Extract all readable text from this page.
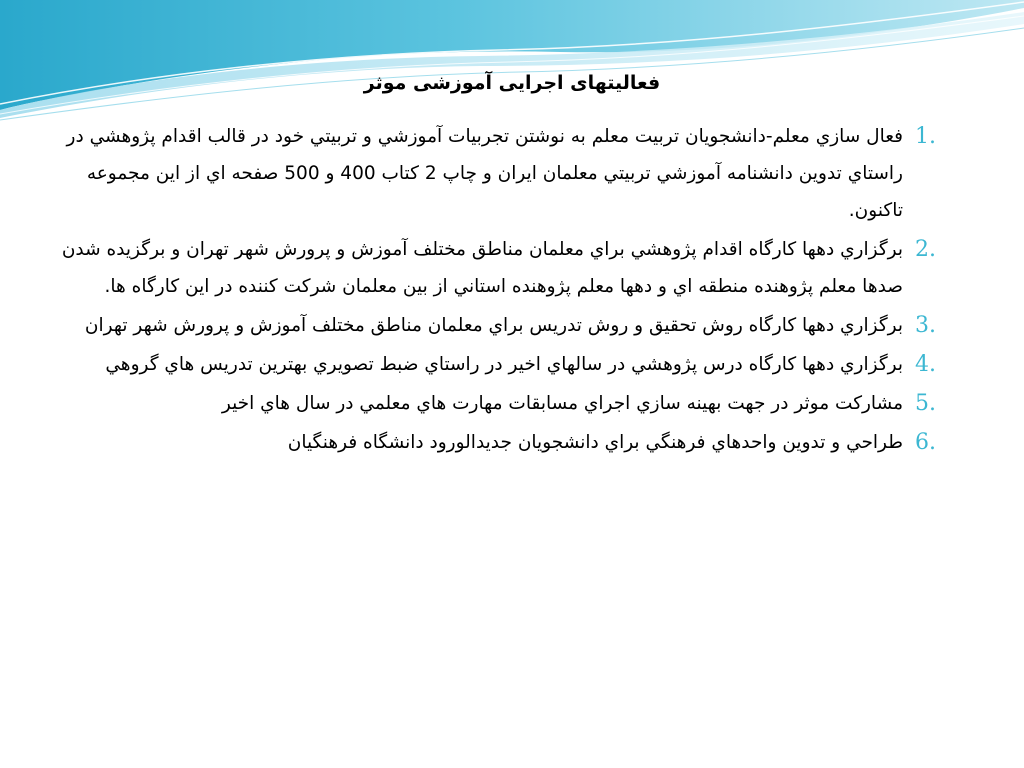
فعالیتهای اجرایی آموزشی موثر
1.
فعال سازي معلم-دانشجويان تربيت معلم به نوشتن تجربيات آموزشي و تربيتي خود در قالب اقدام پژوهشي در راستاي تدوين دانشنامه آموزشي تربيتي معلمان ايران و چاپ 2 كتاب 400 و 500 صفحه اي از اين مجموعه تاكنون.
2.
برگزاري دهها كارگاه اقدام پژوهشي براي معلمان مناطق مختلف آموزش و پرورش شهر تهران و برگزيده شدن صدها معلم پژوهنده منطقه اي و دهها معلم پژوهنده استاني از بين معلمان شركت كننده در اين كارگاه ها.
3.
برگزاري دهها كارگاه روش تحقيق و روش تدريس براي معلمان مناطق مختلف آموزش و پرورش شهر تهران
4.
برگزاري دهها كارگاه درس پژوهشي در سالهاي اخير در راستاي ضبط تصويري بهترين تدريس هاي گروهي
5.
مشاركت موثر در جهت بهينه سازي اجراي مسابقات مهارت هاي معلمي در سال هاي اخير
6.
طراحي و تدوين واحدهاي فرهنگي براي دانشجويان جديدالورود دانشگاه فرهنگيان
